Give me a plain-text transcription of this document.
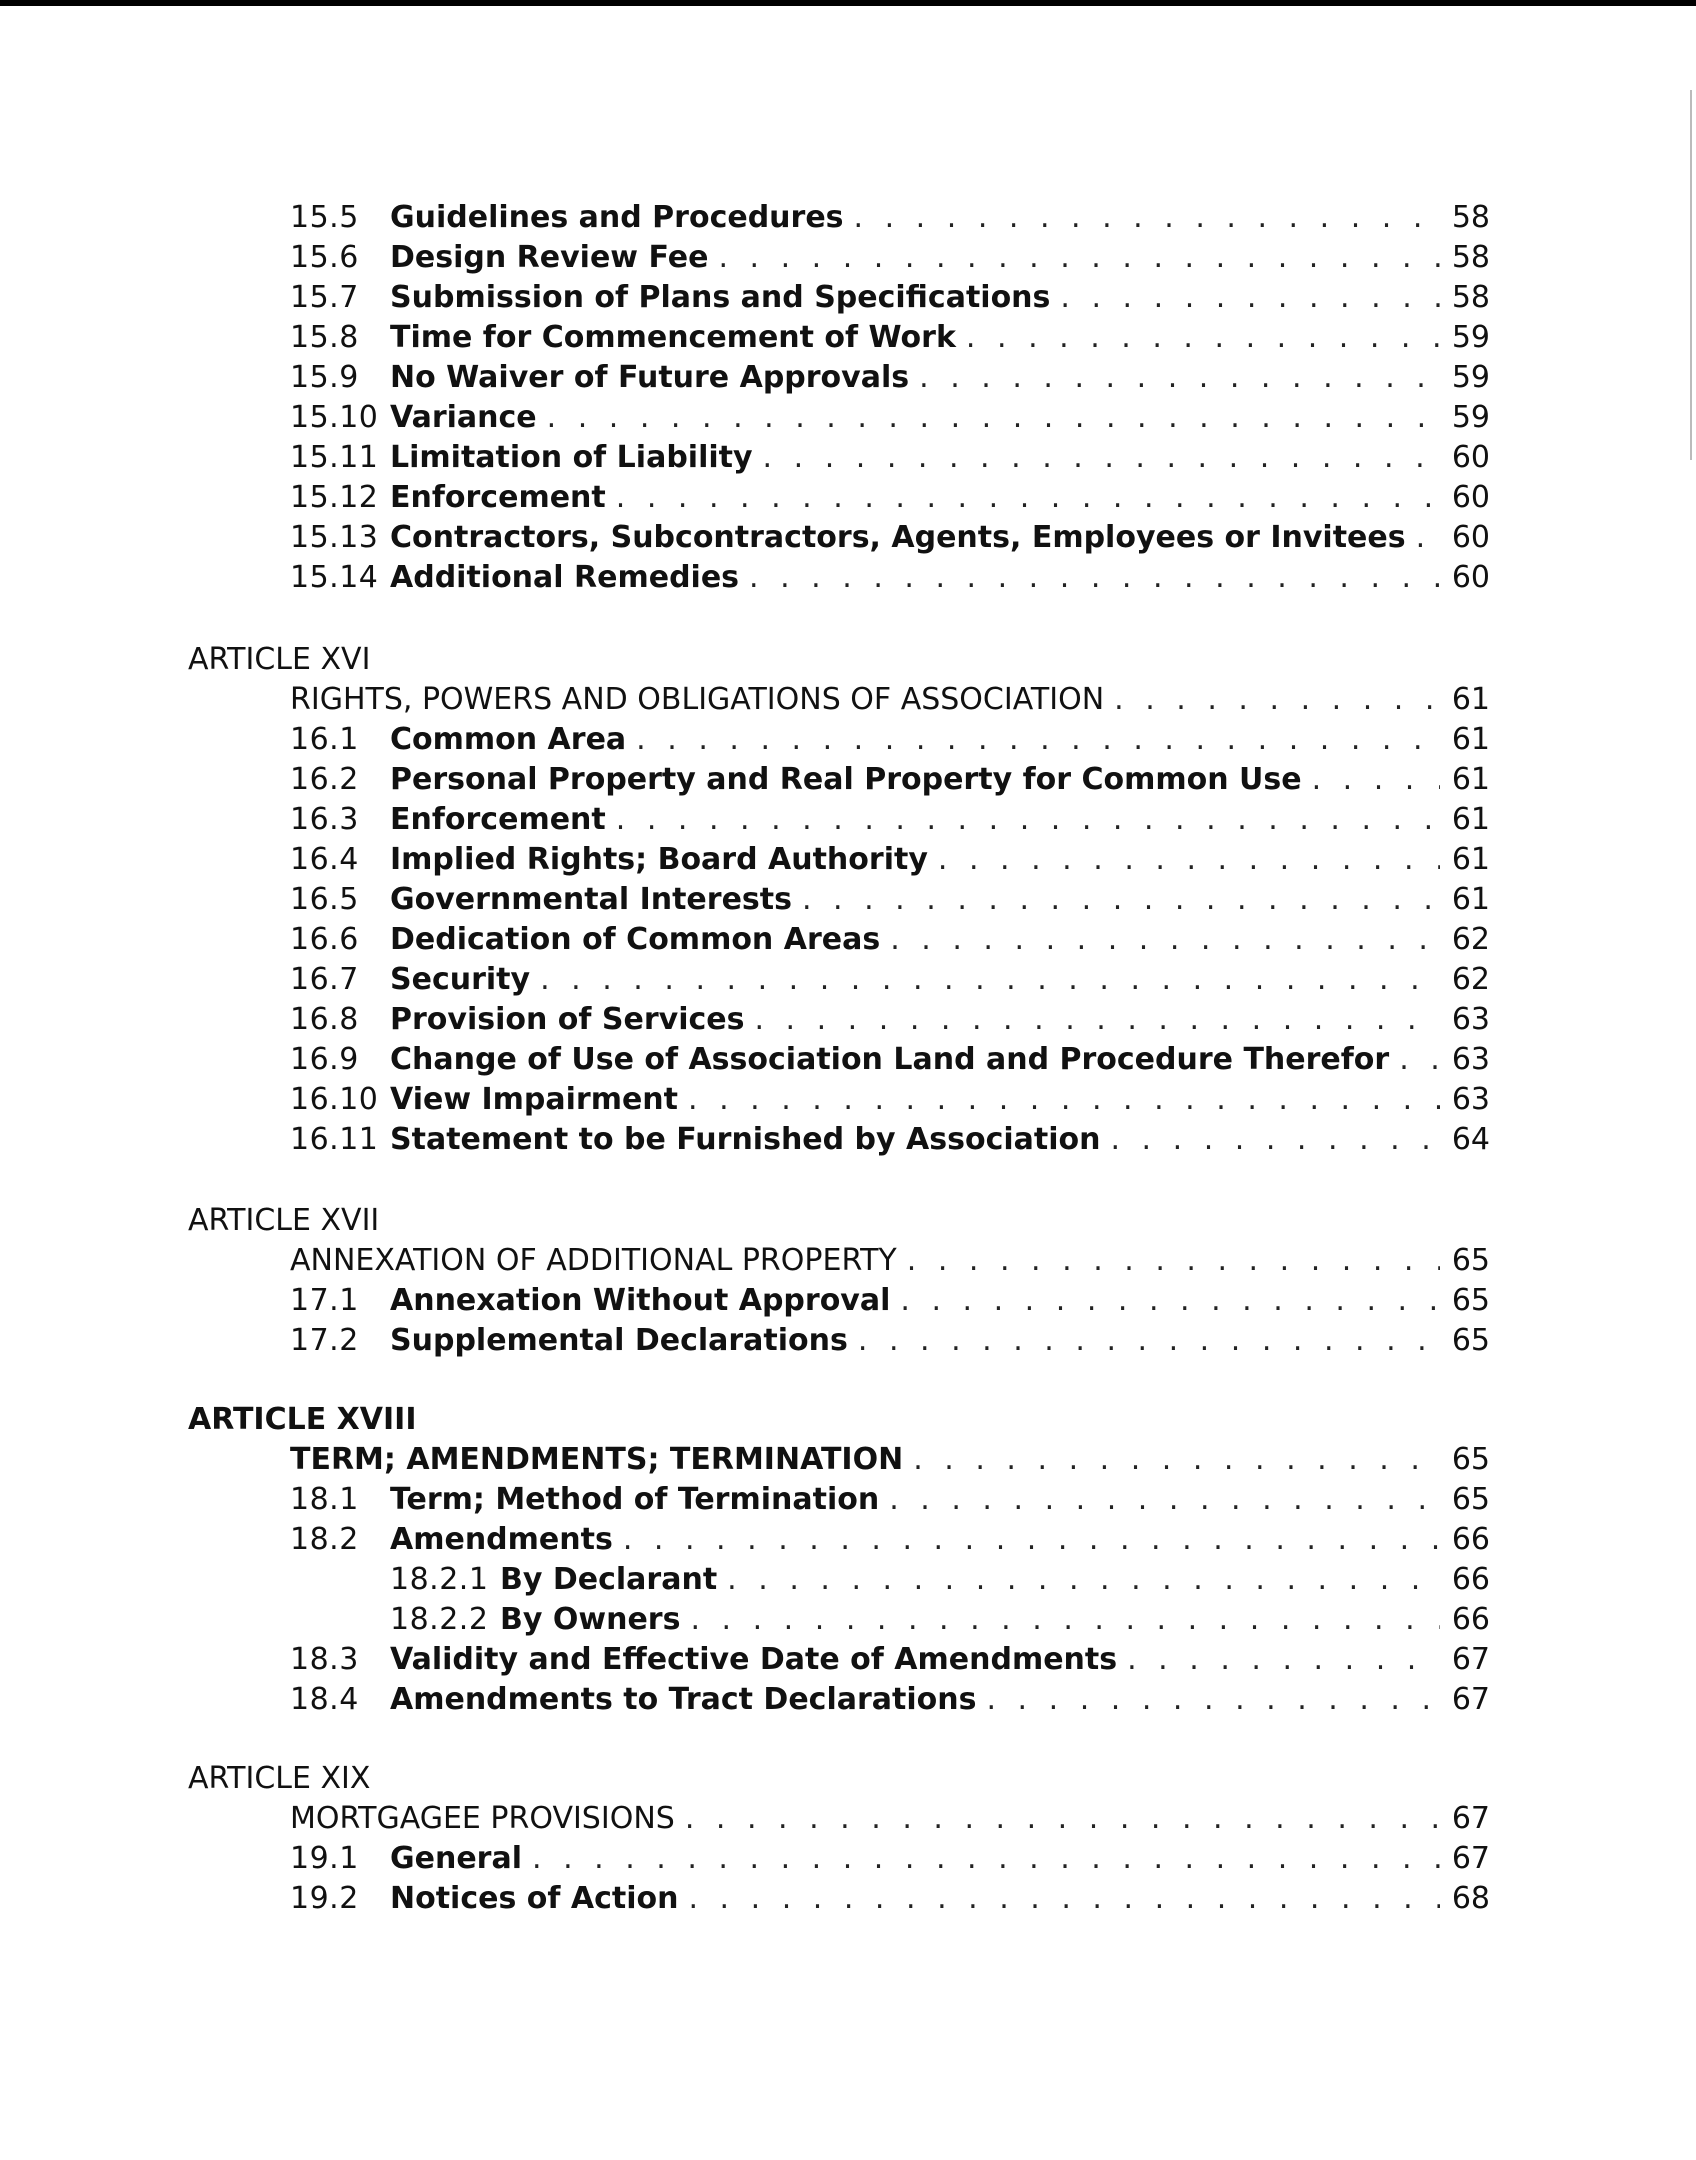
15.5	Guidelines and Procedures . . .	58
15.6	Design Review Fee . . .	58
15.7	Submission of Plans and Specifications . . .	58
15.8	Time for Commencement of Work . . .	59
15.9	No Waiver of Future Approvals . . .	59
15.10 Variance . . .	59
15.11 Limitation of Liability . . .	60
15.12 Enforcement . . .	60
15.13 Contractors, Subcontractors, Agents, Employees or Invitees . . .	60
15.14 Additional Remedies . . .	60
ARTICLE XVI
RIGHTS, POWERS AND OBLIGATIONS OF ASSOCIATION . . .	61
16.1	Common Area . . .	61
16.2	Personal Property and Real Property for Common Use . . .	61
16.3	Enforcement . . .	61
16.4	Implied Rights; Board Authority . . .	61
16.5	Governmental Interests . . .	61
16.6	Dedication of Common Areas . . .	62
16.7	Security . . .	62
16.8	Provision of Services . . .	63
16.9	Change of Use of Association Land and Procedure Therefor . . .	63
16.10 View Impairment . . .	63
16.11 Statement to be Furnished by Association . . .	64
ARTICLE XVII
ANNEXATION OF ADDITIONAL PROPERTY . . .	65
17.1	Annexation Without Approval . . .	65
17.2	Supplemental Declarations . . .	65
ARTICLE XVIII
TERM; AMENDMENTS; TERMINATION . . .	65
18.1	Term; Method of Termination . . .	65
18.2	Amendments . . .	66
18.2.1 By Declarant . . .	66
18.2.2 By Owners . . .	66
18.3	Validity and Effective Date of Amendments . . .	67
18.4	Amendments to Tract Declarations . . .	67
ARTICLE XIX
MORTGAGEE PROVISIONS . . .	67
19.1	General . . .	67
19.2	Notices of Action . . .	68
